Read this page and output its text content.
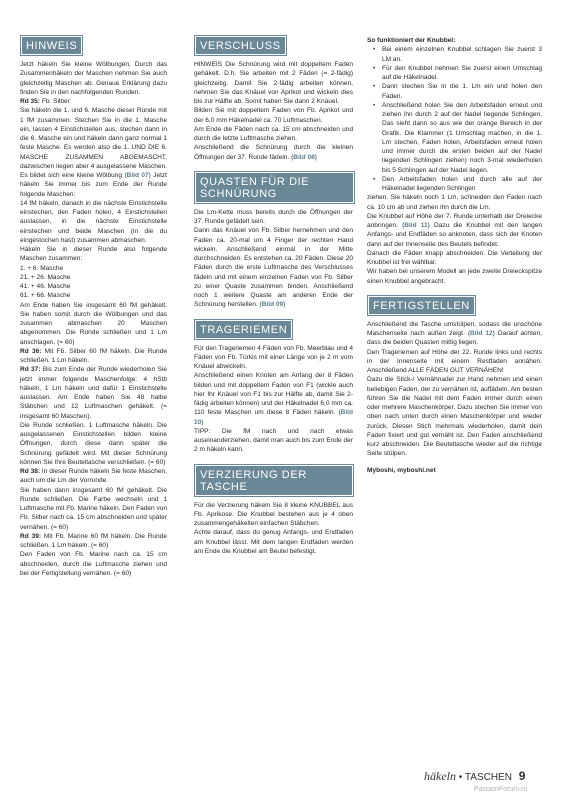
HINWEIS

Jetzt häkeln Sie kleine Wölbungen. Durch das Zusammenhäkeln der Maschen nehmen Sie auch gleichzeitig Maschen ab. Genaue Erklärung dazu finden Sie in den nachfolgenden Runden.

Rd 35: Fb. Silber

Sie häkeln die 1. und 6. Masche dieser Runde mit 1 fM zusammen. Stechen Sie in die 1. Masche ein, lassen 4 Einstichstellen aus, stechen dann in die 6. Masche ein und häkeln dann ganz normal 1 feste Masche. Es werden also die 1. UND DIE 6. MASCHE ZUSAMMEN ABGEMASCHT, dazwischen liegen aber 4 ausgelassene Maschen. Es bildet sich eine kleine Wölbung (Bild 07) Jetzt häkeln Sie immer bis zum Ende der Runde folgende Maschen:

14 fM häkeln, danach in die nächste Einstichstelle einstechen, den Faden holen, 4 Einstichstellen auslassen, in die nächste Einstichstelle einstechen und beide Maschen (in die du eingestochen hast) zusammen abmaschen.

Häkeln Sie in dieser Runde also folgende Maschen zusammen:

1. + 6. Masche
21. + 26. Masche
41. + 46. Masche
61. + 66. Masche

Am Ende haben Sie insgesamt 60 fM gehäkelt. Sie haben somit durch die Wölbungen und das zusammen abmaschen 20 Maschen abgenommen. Die Runde schließen und 1 Lm anschlagen. (= 60)

Rd 36: Mit Fb. Silber 60 fM häkeln. Die Runde schließen. 1 Lm häkeln.

Rd 37: Bis zum Ende der Runde wiederholen Sie jetzt immer folgende Maschenfolge: 4 hStb häkeln, 1 Lm häkeln und dafür 1 Einstichstelle auslassen. Am Ende haben Sie 48 halbe Stäbchen und 12 Luftmaschen gehäkelt. (= insgesamt 60 Maschen).

Die Runde schließen. 1 Luftmasche häkeln. Die ausgelassenen Einstichstellen bilden kleine Öffnungen, durch diese dann später die Schnürung gefädelt wird. Mit dieser Schnürung können Sie Ihre Beuteltasche verschließen. (= 60)

Rd 38: In dieser Runde häkeln Sie feste Maschen, auch um die Lm der Vorrunde.

Sie haben dann insgesamt 60 fM gehäkelt. Die Runde schließen. Die Farbe wechseln und 1 Luftmasche mit Fb. Marine häkeln. Den Faden von Fb. Silber nach ca. 15 cm abschneiden und später vernähen. (= 60)

Rd 39: Mit Fb. Marine 60 fM häkeln. Die Runde schließen. 1 Lm häkeln. (= 60)

Den Faden von Fb. Marine nach ca. 15 cm abschneiden, durch die Luftmasche ziehen und bei der Fertigstellung vernähen. (= 60)

VERSCHLUSS

HINWEIS Die Schnürung wird mit doppeltem Faden gehäkelt. D.h. Sie arbeiten mit 2 Fäden (= 2-fädig) gleichzeitig. Damit Sie 2-fädig arbeiten können, nehmen Sie das Knäuel von Aprikot und wickeln dies bis zur Hälfte ab. Somit haben Sie dann 2 Knäuel.

Bilden Sie mit doppeltem Faden von Fb. Aprikot und der 6,0 mm Häkelnadel ca. 70 Luftmaschen.

Am Ende die Fäden nach ca. 15 cm abschneiden und durch die letzte Luftmasche ziehen.

Anschließend die Schnürung durch die kleinen Öffnungen der 37. Runde fädeln. (Bild 08)

QUASTEN FÜR DIE SCHNÜRUNG

Die Lm-Kette muss bereits durch die Öffnungen der 37. Runde gefädelt sein.

Dann das Knäuel von Fb. Silber hernehmen und den Faden ca. 20-mal um 4 Finger der rechten Hand wickeln. Anschließend einmal in der Mitte durchschneiden. Es entstehen ca. 20 Fäden. Diese 20 Fäden durch die erste Luftmasche des Verschlusses fädeln und mit einem einzelnen Faden von Fb. Silber zu einer Quaste zusammen binden. Anschließend noch 1 weitere Quaste am anderen Ende der Schnürung herstellen. (Bild 09)

TRAGERIEMEN

Für den Trageriemen 4 Fäden von Fb. Meerblau und 4 Fäden von Fb. Türkis mit einer Länge von je 2 m vom Knäuel abwickeln.

Anschließend einen Knoten am Anfang der 8 Fäden bilden und mit doppeltem Faden von F1 (wickle auch hier Ihr Knäuel von F1 bis zur Hälfte ab, damit Sie 2-fädig arbeiten können) und der Häkelnadel 6,0 mm ca. 110 feste Maschen um diese 8 Fäden häkeln. (Bild 10)

TIPP: Die fM nach und nach etwas auseinanderziehen, damit man auch bis zum Ende der 2 m häkeln kann.

VERZIERUNG DER TASCHE

Für die Verzierung häkeln Sie 8 kleine KNUBBEL aus Fb. Aprikose. Die Knubbel bestehen aus je 4 oben zusammengehäkelten einfachen Stäbchen.

Achte darauf, dass du genug Anfangs- und Endfaden am Knubbel lässt. Mit dem langen Endfaden werden am Ende die Knubbel am Beutel befestigt.

So funktioniert der Knubbel:

• Bei einem einzelnen Knubbel schlagen Sie zuerst 3 LM an.
• Für den Knubbel nehmen Sie zuerst einen Umschlag auf die Häkelnadel.
• Dann stechen Sie in die 1. Lm ein und holen den Faden.
• Anschließend holen Sie den Arbeitsfaden erneut und ziehen ihn durch 2 auf der Nadel liegende Schlingen. Das sieht dann so aus wie der orange Bereich in der Grafik. Die Klammer (1 Umschlag machen, in die 1. Lm stechen, Faden holen, Arbeitsfaden erneut holen und immer durch die ersten beiden auf der Nadel liegenden Schlingen ziehen) noch 3-mal wiederholen bis 5 Schlingen auf der Nadel liegen.
• Den Arbeitsfaden holen und durch alle auf der Häkelnadel liegenden Schlingen

ziehen. Sie häkeln noch 1 Lm, schneiden den Faden nach ca. 10 cm ab und ziehen ihn durch die Lm.

Die Knubbel auf Höhe der 7. Runde unterhalb der Dreiecke anbringen. (Bild 11) Dazu die Knubbel mit den langen Anfangs- und Endfäden so anknoten, dass sich der Knoten dann auf der Innenseite des Beutels befindet.

Danach die Fäden knapp abschneiden. Die Verteilung der Knubbel ist frei wählbar.

Wir haben bei unserem Modell an jede zweite Dreieckspitze einen Knubbel angebracht.

FERTIGSTELLEN

Anschließend die Tasche umstülpen, sodass die unschöne Maschenseite nach außen zeigt. (Bild 12) Darauf achten, dass die beiden Quasten mittig liegen.

Den Trageriemen auf Höhe der 22. Runde links und rechts in der Innenseite mit einem Restfaden annähen. Anschließend ALLE FÄDEN GUT VERNÄHEN!

Dazu die Stick-/ Vernähnadel zur Hand nehmen und einen beliebigen Faden, der zu vernähen ist, auffädeln. Am besten führen Sie die Nadel mit dem Faden immer durch einen oder mehrere Maschenkörper. Dazu stechen Sie immer von oben nach unten durch einen Maschenkörper und wieder zurück. Diesen Stich mehrmals wiederholen, damit dein Faden fixiert und gut vernäht ist. Den Faden anschließend kurz abschneiden. Die Beuteltasche wieder auf die richtige Seite stülpen.

Myboshi, myboshi.net

häkeln • TASCHEN 9
PassionForum.ru
